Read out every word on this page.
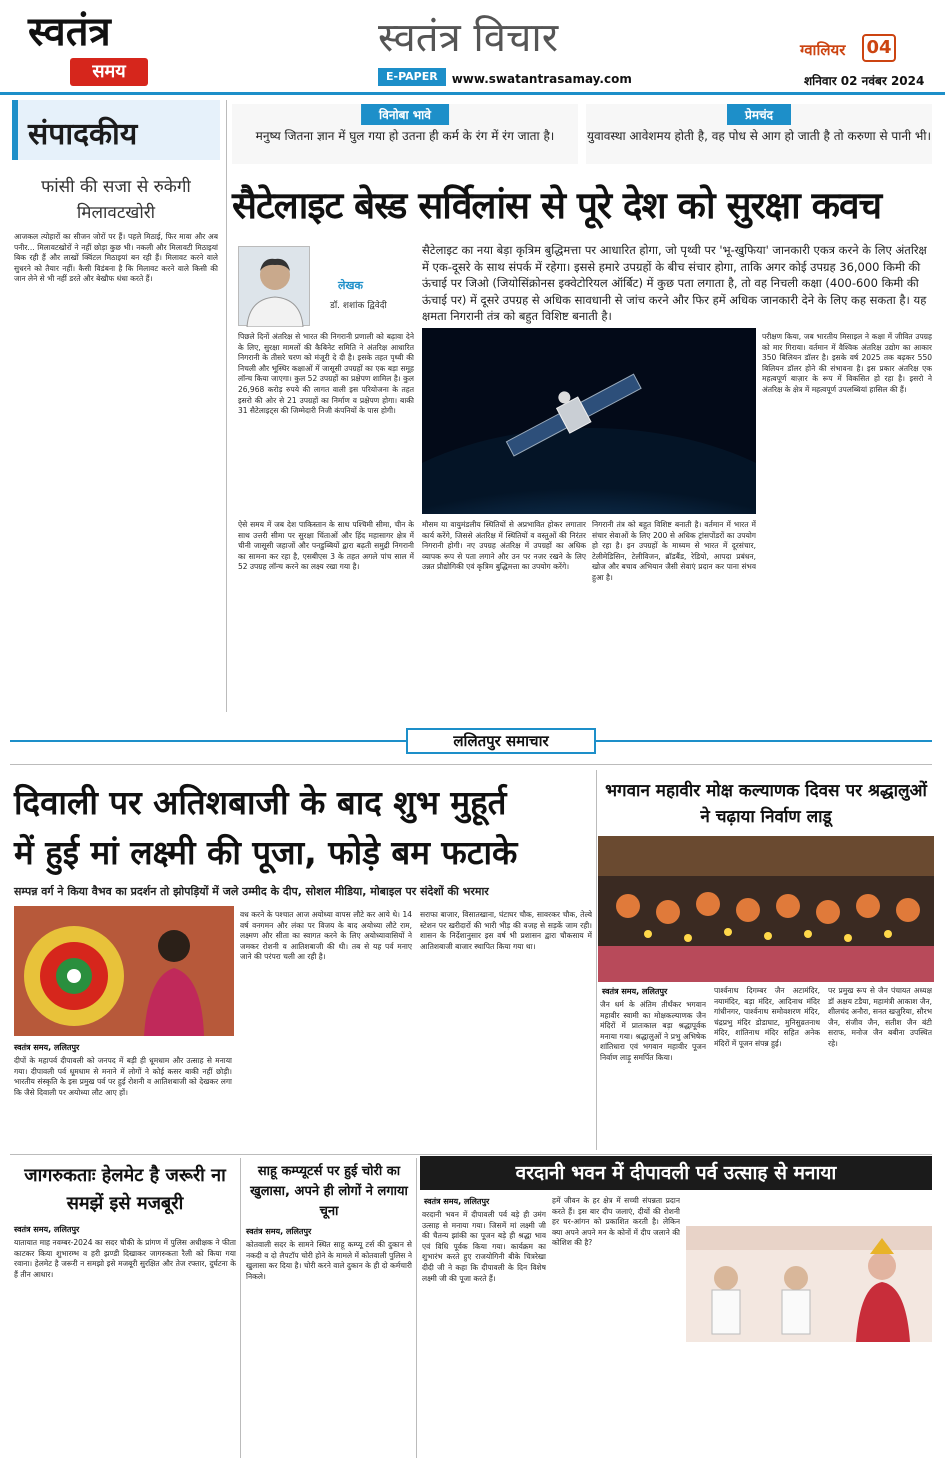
स्वतंत्र
समय
स्वतंत्र विचार
E-PAPER www.swatantrasamay.com
ग्वालियर 04
शनिवार 02 नवंबर 2024
संपादकीय
फांसी की सजा से रुकेगी मिलावटखोरी
आजकल त्योहारों का सीजन जोरों पर हैं। पहले मिठाई, फिर मावा और अब पनीर... मिलावटखोरों ने नहीं छोड़ा कुछ भी। नकली और मिलावटी मिठाइयां बिक रही हैं और लाखों क्विंटल मिठाइयां बन रही हैं। मिलावट करने वाले सुधरने को तैयार नहीं। कैसी विडंबना है कि मिलावट करने वाले किसी की जान लेने से भी नहीं डरते और बेखौफ धंधा करते हैं।
विनोबा भावे
मनुष्य जितना ज्ञान में घुल गया हो उतना ही कर्म के रंग में रंग जाता है।
प्रेमचंद
युवावस्था आवेशमय होती है, वह पोध से आग हो जाती है तो करुणा से पानी भी।
सैटेलाइट बेस्ड सर्विलांस से पूरे देश को सुरक्षा कवच
लेखक
डॉ. शशांक द्विवेदी
सैटेलाइट का नया बेड़ा कृत्रिम बुद्धिमत्ता पर आधारित होगा, जो पृथ्वी पर 'भू-खुफिया' जानकारी एकत्र करने के लिए अंतरिक्ष में एक-दूसरे के साथ संपर्क में रहेगा। इससे हमारे उपग्रहों के बीच संचार होगा, ताकि अगर कोई उपग्रह 36,000 किमी की ऊंचाई पर जिओ (जियोसिंक्रोनस इक्वेटोरियल ऑर्बिट) में कुछ पता लगाता है, तो वह निचली कक्षा (400-600 किमी की ऊंचाई पर) में दूसरे उपग्रह से अधिक सावधानी से जांच करने और फिर हमें अधिक जानकारी देने के लिए कह सकता है। यह क्षमता निगरानी तंत्र को बहुत विशिष्ट बनाती है।
पिछले दिनों अंतरिक्ष से भारत की निगरानी प्रणाली को बढ़ावा देने के लिए, सुरक्षा मामलों की कैबिनेट समिति ने अंतरिक्ष आधारित निगरानी के तीसरे चरण को मंजूरी दे दी है। इसके तहत पृथ्वी की निचली और भूस्थिर कक्षाओं में जासूसी उपग्रहों का एक बड़ा समूह लॉन्च किया जाएगा। कुल 52 उपग्रहों का प्रक्षेपण शामिल है। कुल 26,968 करोड़ रुपये की लागत वाली इस परियोजना के तहत इसरो की ओर से 21 उपग्रहों का निर्माण व प्रक्षेपण होगा। बाकी 31 सैटेलाइट्स की जिम्मेदारी निजी कंपनियों के पास होगी।
ऐसे समय में जब देश पाकिस्तान के साथ पश्चिमी सीमा, चीन के साथ उत्तरी सीमा पर सुरक्षा चिंताओं और हिंद महासागर क्षेत्र में चीनी जासूसी जहाजों और पनडुब्बियों द्वारा बढ़ती समुद्री निगरानी का सामना कर रहा है, एसबीएस 3 के तहत अगले पांच साल में 52 उपग्रह लॉन्च करने का लक्ष्य रखा गया है।
मौसम या वायुमंडलीय स्थितियों से अप्रभावित होकर लगातार कार्य करेंगे, जिससे अंतरिक्ष में स्थितियों व वस्तुओं की निरंतर निगरानी होगी। नए उपग्रह अंतरिक्ष में उपग्रहों का अधिक व्यापक रूप से पता लगाने और उन पर नजर रखने के लिए उन्नत प्रौद्योगिकी एवं कृत्रिम बुद्धिमत्ता का उपयोग करेंगे।
निगरानी तंत्र को बहुत विशिष्ट बनाती है। वर्तमान में भारत में संचार सेवाओं के लिए 200 से अधिक ट्रांसपोंडरों का उपयोग हो रहा है। इन उपग्रहों के माध्यम से भारत में दूरसंचार, टेलीमेडिसिन, टेलीविजन, ब्रॉडबैंड, रेडियो, आपदा प्रबंधन, खोज और बचाव अभियान जैसी सेवाएं प्रदान कर पाना संभव हुआ है।
परीक्षण किया, जब भारतीय मिसाइल ने कक्षा में जीवित उपग्रह को मार गिराया। वर्तमान में वैश्विक अंतरिक्ष उद्योग का आकार 350 बिलियन डॉलर है। इसके वर्ष 2025 तक बढ़कर 550 बिलियन डॉलर होने की संभावना है। इस प्रकार अंतरिक्ष एक महत्वपूर्ण बाज़ार के रूप में विकसित हो रहा है। इसरो ने अंतरिक्ष के क्षेत्र में महत्वपूर्ण उपलब्धियां हासिल की हैं।
ललितपुर समाचार
दिवाली पर अतिशबाजी के बाद शुभ मुहूर्त
में हुई मां लक्ष्मी की पूजा, फोड़े बम फटाके
सम्पन्न वर्ग ने किया वैभव का प्रदर्शन तो झोपड़ियों में जले उम्मीद के दीप, सोशल मीडिया, मोबाइल पर संदेशों की भरमार
स्वतंत्र समय, ललितपुर
दीपों के महापर्व दीपावली को जनपद में बड़ी ही धूमधाम और उत्साह से मनाया गया। दीपावली पर्व धूमधाम से मनाने में लोगों ने कोई कसर बाकी नहीं छोड़ी। भारतीय संस्कृति के इस प्रमुख पर्व पर हुई रोशनी व आतिशबाजी को देखकर लगा कि जैसे दिवाली पर अयोध्या लौट आए हों।
वध करने के पश्चात आज अयोध्या वापस लौटे कर आये थे। 14 वर्ष वनगमन और लंका पर विजय के बाद अयोध्या लौटे राम, लक्ष्मण और सीता का स्वागत करने के लिए अयोध्यावासियों ने जमकर रोशनी व आतिशबाजी की थी। तब से यह पर्व मनाए जाने की परंपरा चली आ रही है।
सराफा बाजार, विसातखाना, घंटाघर चौक, सावरकर चौक, तेल्वे स्टेशन पर खरीदारों की भारी भीड़ की वजह से सड़कें जाम रही। शासन के निर्देशानुसार इस वर्ष भी प्रशासन द्वारा चौकसाय में आतिशबाजी बाजार स्थापित किया गया था।
भगवान महावीर मोक्ष कल्याणक दिवस पर श्रद्धालुओं ने चढ़ाया निर्वाण लाडू
स्वतंत्र समय, ललितपुर
जैन धर्म के अंतिम तीर्थंकर भगवान महावीर स्वामी का मोक्षकल्याणक जैन मंदिरों में प्रातःकाल बड़ा श्रद्धापूर्वक मनाया गया। श्रद्धालुओं ने प्रभु अभिषेक शांतिधारा एवं भगवान महावीर पूजन निर्वाण लाड़ू समर्पित किया।
पार्श्वनाथ दिगम्बर जैन अटामंदिर, नयामंदिर, बड़ा मंदिर, आदिनाथ मंदिर गांधीनगर, पार्श्वनाथ समोवशरण मंदिर, चंद्रप्रभु मंदिर डोडाघाट, मुनिसुव्रतनाथ मंदिर, शांतिनाथ मंदिर सहित अनेक मंदिरों में पूजन संपन्न हुई।
पर प्रमुख रूप से जैन पंचायत अध्यक्ष डॉ अक्षय टडैया, महामंत्री आकाश जैन, शीलचंद अनौरा, सनत खजुरिया, सौरभ जैन, संजीव जैन, सतीश जैन बंटी सराफ, मनोज जैन बबीना उपस्थित रहे।
जागरुकताः हेलमेट है जरूरी ना समझें इसे मजबूरी
स्वतंत्र समय, ललितपुर
यातायात माह नवम्बर-2024 का सदर चौकी के प्रांगण में पुलिस अधीक्षक ने फीता काटकर किया शुभारम्भ व हरी झण्डी दिखाकर जागरुकता रैली को किया गया रवाना। हेलमेट है जरूरी न समझो इसे मजबूरी सुरक्षित और तेज रफ्तार, दुर्घटना के हैं तीन आधार।
साहू कम्प्यूटर्स पर हुई चोरी का खुलासा, अपने ही लोगों ने लगाया चूना
स्वतंत्र समय, ललितपुर
कोतवाली सदर के सामने स्थित साहू कम्प्यू टर्स की दुकान से नकदी व दो लैपटॉप चोरी होने के मामले में कोतवाली पुलिस ने खुलासा कर दिया है। चोरी करने वाले दुकान के ही दो कर्मचारी निकले।
वरदानी भवन में दीपावली पर्व उत्साह से मनाया
स्वतंत्र समय, ललितपुर
वरदानी भवन में दीपावली पर्व बड़े ही उमंग उत्साह से मनाया गया। जिसमें मां लक्ष्मी जी की चैतन्य झांकी का पूजन बड़े ही श्रद्धा भाव एवं विधि पूर्वक किया गया। कार्यक्रम का शुभारंभ करते हुए राजयोगिनी बीके चित्ररेखा दीदी जी ने कहा कि दीपावली के दिन विशेष लक्ष्मी जी की पूजा करते हैं।
हमें जीवन के हर क्षेत्र में सच्ची संपन्नता प्रदान करते हैं। इस बार दीप जलाएं, दीयों की रोशनी हर घर-आंगन को प्रकाशित करती है। लेकिन क्या अपने अपने मन के कोनों में दीप जलाने की कोशिश की है?
